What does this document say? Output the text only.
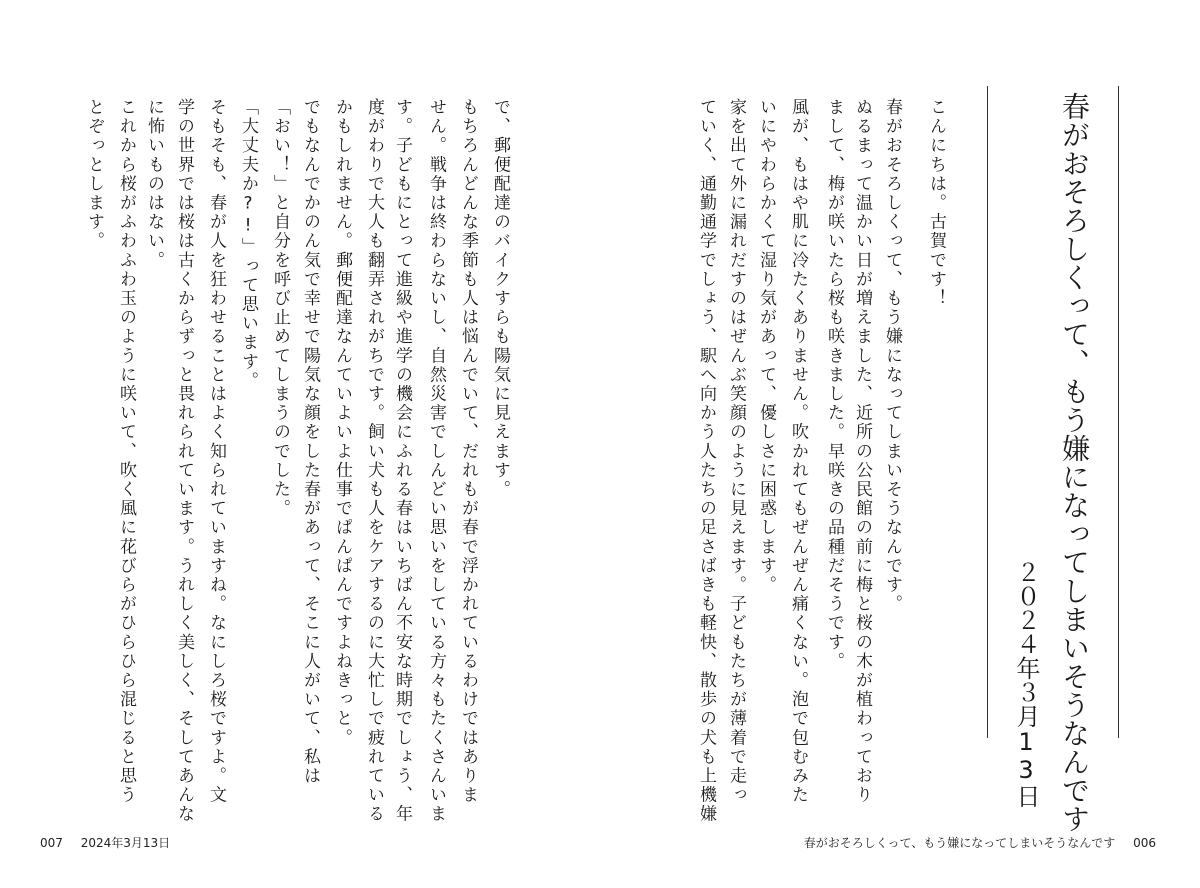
春がおそろしくって、もう嫌になってしまいそうなんです
２０２４年３月13日
こんにちは。古賀です！
春がおそろしくって、もう嫌になってしまいそうなんです。
ぬるまって温かい日が増えました、近所の公民館の前に梅と桜の木が植わっており
まして、梅が咲いたら桜も咲きました。早咲きの品種だそうです。
風が、もはや肌に冷たくありません。吹かれてもぜんぜん痛くない。泡で包むみた
いにやわらかくて湿り気があって、優しさに困惑します。
家を出て外に漏れだすのはぜんぶ笑顔のように見えます。子どもたちが薄着で走っ
ていく、通勤通学でしょう、駅へ向かう人たちの足さばきも軽快、散歩の犬も上機嫌
で、郵便配達のバイクすらも陽気に見えます。
もちろんどんな季節も人は悩んでいて、だれもが春で浮かれているわけではありま
せん。戦争は終わらないし、自然災害でしんどい思いをしている方々もたくさんいま
す。子どもにとって進級や進学の機会にふれる春はいちばん不安な時期でしょう、年
度がわりで大人も翻弄されがちです。飼い犬も人をケアするのに大忙しで疲れている
かもしれません。郵便配達なんていよいよ仕事でぱんぱんですよねきっと。
でもなんでかのん気で幸せで陽気な顔をした春があって、そこに人がいて、私は
「おい！」と自分を呼び止めてしまうのでした。
「大丈夫か?!」って思います。
そもそも、春が人を狂わせることはよく知られていますね。なにしろ桜ですよ。文
学の世界では桜は古くからずっと畏れられています。うれしく美しく、そしてあんな
に怖いものはない。
これから桜がふわふわ玉のように咲いて、吹く風に花びらがひらひら混じると思う
とぞっとします。
007 2024年3月13日	春がおそろしくって、もう嫌になってしまいそうなんです 006
